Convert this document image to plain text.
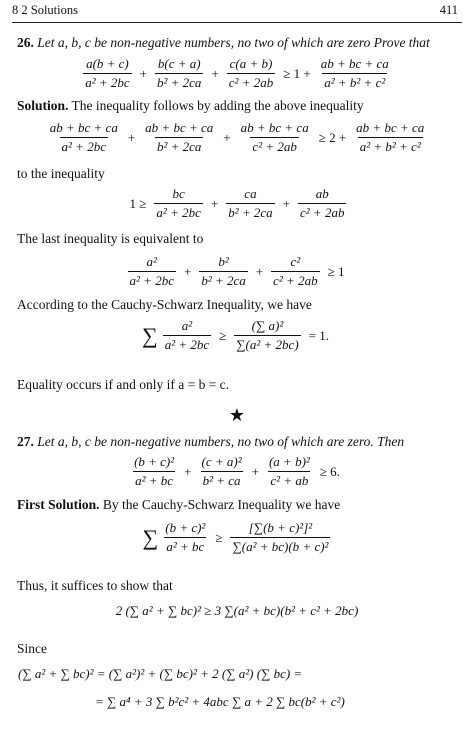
8 2 Solutions	411
26. Let a, b, c be non-negative numbers, no two of which are zero Prove that
$\frac{a(b + c)}{\text{a² + 2bc}} + \frac{b(c + a)}{\text{b² + 2ca}} + \frac{c(a + b)}{\text{c² + 2ab}} \ge 1 + \frac{ab + bc + ca}{\text{a² + b² + c²}}$
Solution. The inequality follows by adding the above inequality
$\frac{ab + bc + ca}{\text{a² + 2bc}} + \frac{ab + bc + ca}{\text{b² + 2ca}} + \frac{ab + bc + ca}{\text{c² + 2ab}} \ge 2 + \frac{ab + bc + ca}{\text{a² + b² + c²}}$
to the inequality
$1 \ge \frac{bc}{\text{a² + 2bc}} + \frac{ca}{\text{b² + 2ca}} + \frac{ab}{\text{c² + 2ab}}$
The last inequality is equivalent to
$\frac{\text{a²}}{\text{a² + 2bc}} + \frac{\text{b²}}{\text{b² + 2ca}} + \frac{\text{c²}}{\text{c² + 2ab}} \ge 1$
According to the Cauchy-Schwarz Inequality, we have
∑ $\frac{\text{a²}}{\text{a² + 2bc}} \ge \frac{\text{(∑ a)²}}{\text{∑(a² + 2bc)}} = 1$.
Equality occurs if and only if a = b = c.
★
27. Let a, b, c be non-negative numbers, no two of which are zero. Then
$\frac{\text{(b + c)²}}{\text{a² + bc}} + \frac{\text{(c + a)²}}{\text{b² + ca}} + \frac{\text{(a + b)²}}{\text{c² + ab}} \ge 6$.
First Solution. By the Cauchy-Schwarz Inequality we have
∑ $\frac{\text{(b + c)²}}{\text{a² + bc}} \ge \frac{\text{[∑(b + c)²]²}}{\text{∑(a² + bc)(b + c)²}}$
Thus, it suffices to show that
2 (∑ a² + ∑ bc)² ≥ 3 ∑(a² + bc)(b² + c² + 2bc)
Since
(∑ a² + ∑ bc)² = (∑ a²)² + (∑ bc)² + 2 (∑ a²) (∑ bc) =
= ∑ a⁴ + 3 ∑ b²c² + 4abc ∑ a + 2 ∑ bc(b² + c²)
